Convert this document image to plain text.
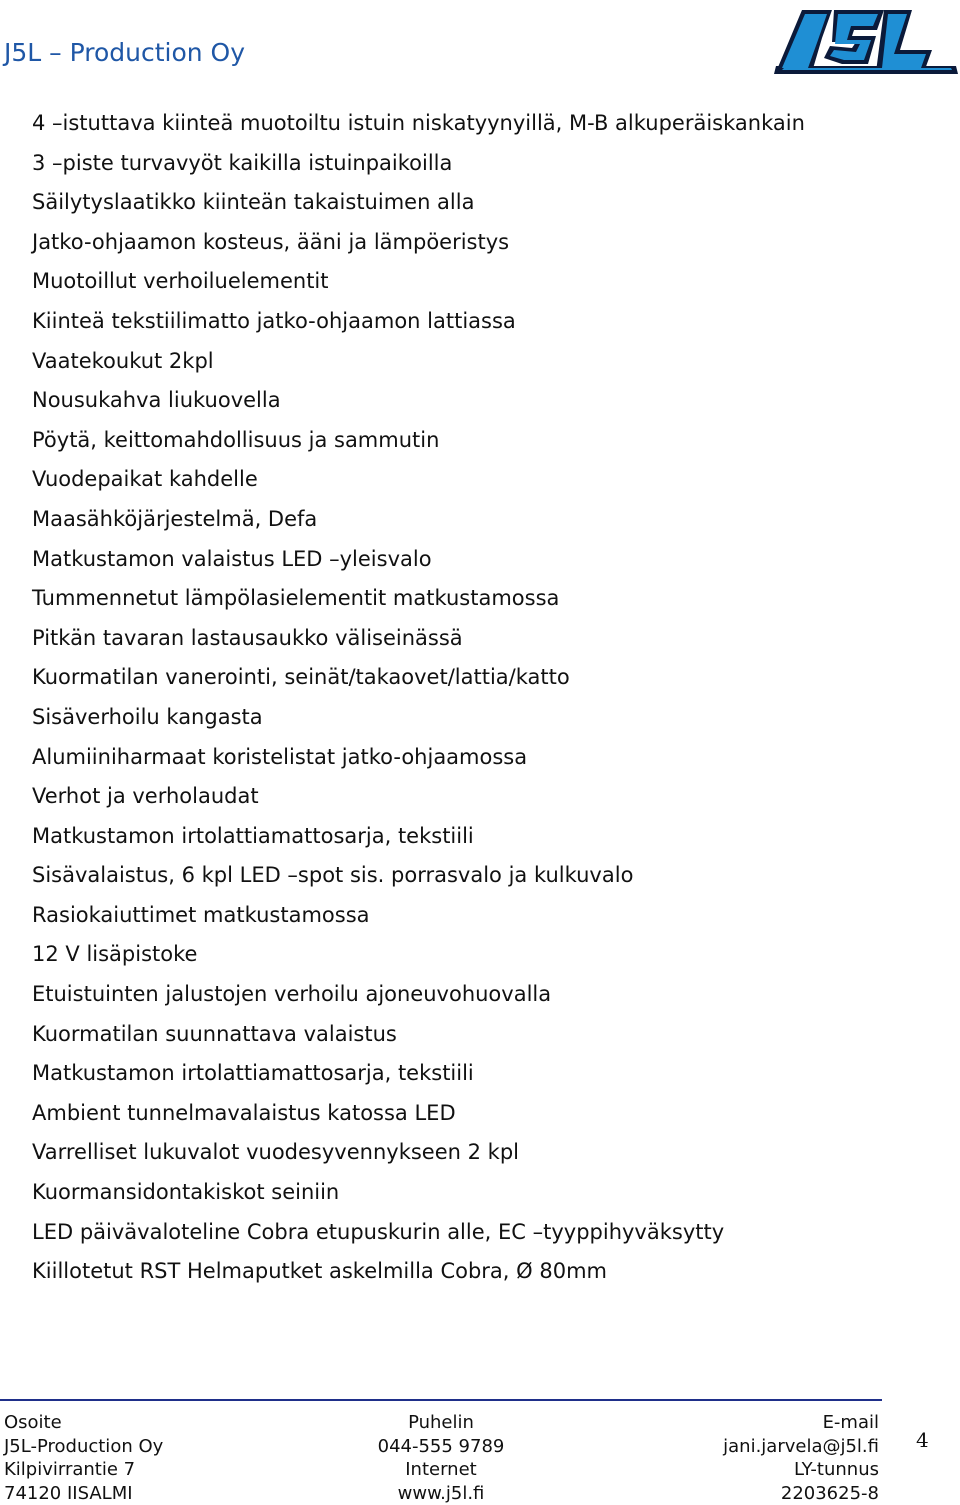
J5L – Production Oy
4 –istuttava kiinteä muotoiltu istuin niskatyynyillä, M-B alkuperäiskankain
3 –piste turvavyöt kaikilla istuinpaikoilla
Säilytyslaatikko kiinteän takaistuimen alla
Jatko-ohjaamon kosteus, ääni ja lämpöeristys
Muotoillut verhoiluelementit
Kiinteä tekstiilimatto jatko-ohjaamon lattiassa
Vaatekoukut 2kpl
Nousukahva liukuovella
Pöytä, keittomahdollisuus ja sammutin
Vuodepaikat kahdelle
Maasähköjärjestelmä, Defa
Matkustamon valaistus LED –yleisvalo
Tummennetut lämpölasielementit matkustamossa
Pitkän tavaran lastausaukko väliseinässä
Kuormatilan vanerointi, seinät/takaovet/lattia/katto
Sisäverhoilu kangasta
Alumiiniharmaat koristelistat jatko-ohjaamossa
Verhot ja verholaudat
Matkustamon irtolattiamattosarja, tekstiili
Sisävalaistus, 6 kpl LED –spot sis. porrasvalo ja kulkuvalo
Rasiokaiuttimet matkustamossa
12 V lisäpistoke
Etuistuinten jalustojen verhoilu ajoneuvohuovalla
Kuormatilan suunnattava valaistus
Matkustamon irtolattiamattosarja, tekstiili
Ambient tunnelmavalaistus katossa LED
Varrelliset lukuvalot vuodesyvennykseen 2 kpl
Kuormansidontakiskot seiniin
LED päivävaloteline Cobra etupuskurin alle, EC –tyyppihyväksytty
Kiillotetut RST Helmaputket askelmilla Cobra, Ø 80mm
Osoite
J5L-Production Oy
Kilpivirrantie 7
74120 IISALMI
Puhelin
044-555 9789
Internet
www.j5l.fi
E-mail
jani.jarvela@j5l.fi
LY-tunnus
2203625-8
4
